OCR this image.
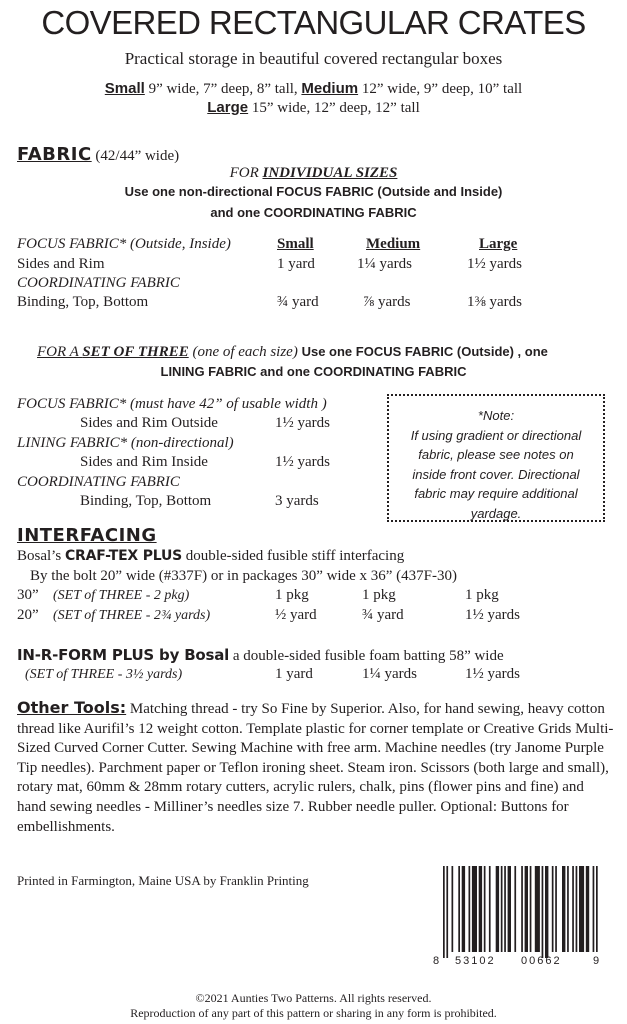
COVERED RECTANGULAR CRATES
Practical storage in beautiful covered rectangular boxes
Small 9” wide, 7” deep, 8” tall, Medium 12” wide, 9” deep, 10” tall
Large 15” wide, 12” deep, 12” tall
FABRIC (42/44” wide)
FOR INDIVIDUAL SIZES
Use one non-directional FOCUS FABRIC (Outside and Inside)
and one COORDINATING FABRIC
Small	Medium	Large
FOCUS FABRIC* (Outside, Inside)
Sides and Rim	1 yard	1¼ yards	1½ yards
COORDINATING FABRIC
Binding, Top, Bottom	¾ yard	⅞ yards	1⅜ yards
FOR A SET OF THREE (one of each size) Use one FOCUS FABRIC (Outside) , one
LINING FABRIC and one COORDINATING FABRIC
FOCUS FABRIC* (must have 42” of usable width )
Sides and Rim Outside	1½ yards
LINING FABRIC* (non-directional)
Sides and Rim Inside	1½ yards
COORDINATING FABRIC
Binding, Top, Bottom	3 yards
*Note:
If using gradient or directional
fabric, please see notes on
inside front cover. Directional
fabric may require additional
yardage.
INTERFACING
Bosal’s CRAF-TEX PLUS double-sided fusible stiff interfacing
By the bolt 20” wide (#337F) or in packages 30” wide x 36” (437F-30)
30” (SET of THREE - 2 pkg)	1 pkg	1 pkg	1 pkg
20” (SET of THREE - 2¾ yards)	½ yard	¾ yard	1½ yards
IN-R-FORM PLUS by Bosal a double-sided fusible foam batting 58” wide
(SET of THREE - 3½ yards)	1 yard	1¼ yards	1½ yards
Other Tools: Matching thread - try So Fine by Superior. Also, for hand sewing, heavy cotton thread like Aurifil’s 12 weight cotton. Template plastic for corner template or Creative Grids Multi-Sized Curved Corner Cutter. Sewing Machine with free arm. Machine needles (try Janome Purple Tip needles). Parchment paper or Teflon ironing sheet. Steam iron. Scissors (both large and small), rotary mat, 60mm & 28mm rotary cutters, acrylic rulers, chalk, pins (flower pins and fine) and hand sewing needles - Milliner’s needles size 7. Rubber needle puller. Optional: Buttons for embellishments.
Printed in Farmington, Maine USA by Franklin Printing
8 53102 00662	9
©2021 Aunties Two Patterns. All rights reserved.
Reproduction of any part of this pattern or sharing in any form is prohibited.
